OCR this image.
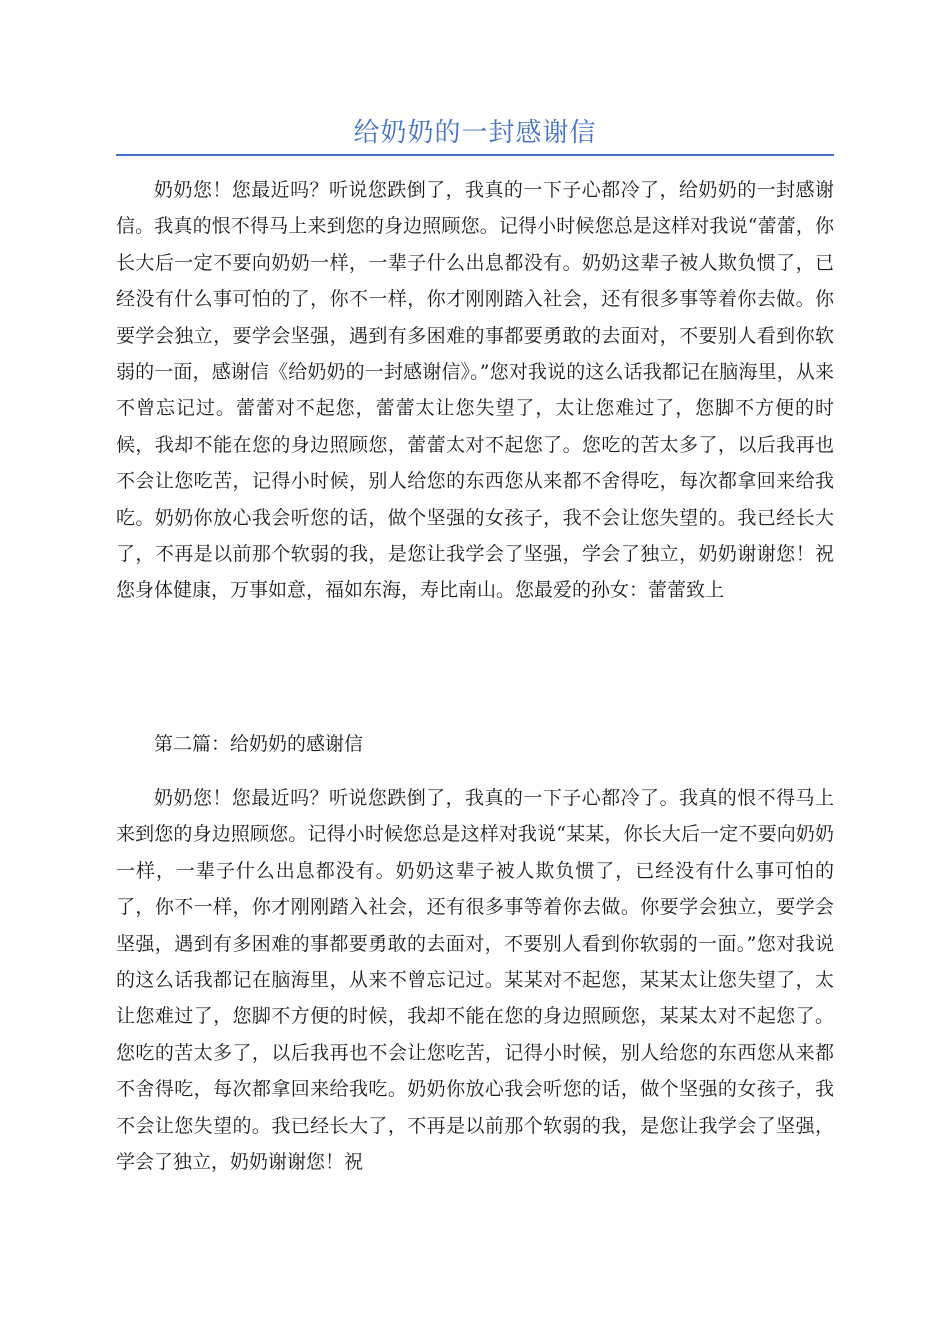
给奶奶的一封感谢信

奶奶您！您最近吗？听说您跌倒了，我真的一下子心都冷了，给奶奶的一封感谢信。我真的恨不得马上来到您的身边照顾您。记得小时候您总是这样对我说“蕾蕾，你长大后一定不要向奶奶一样，一辈子什么出息都没有。奶奶这辈子被人欺负惯了，已经没有什么事可怕的了，你不一样，你才刚刚踏入社会，还有很多事等着你去做。你要学会独立，要学会坚强，遇到有多困难的事都要勇敢的去面对，不要别人看到你软弱的一面，感谢信《给奶奶的一封感谢信》。”您对我说的这么话我都记在脑海里，从来不曾忘记过。蕾蕾对不起您，蕾蕾太让您失望了，太让您难过了，您脚不方便的时候，我却不能在您的身边照顾您，蕾蕾太对不起您了。您吃的苦太多了，以后我再也不会让您吃苦，记得小时候，别人给您的东西您从来都不舍得吃，每次都拿回来给我吃。奶奶你放心我会听您的话，做个坚强的女孩子，我不会让您失望的。我已经长大了，不再是以前那个软弱的我，是您让我学会了坚强，学会了独立，奶奶谢谢您！祝您身体健康，万事如意，福如东海，寿比南山。您最爱的孙女：蕾蕾致上

第二篇：给奶奶的感谢信

奶奶您！您最近吗？听说您跌倒了，我真的一下子心都冷了。我真的恨不得马上来到您的身边照顾您。记得小时候您总是这样对我说“某某，你长大后一定不要向奶奶一样，一辈子什么出息都没有。奶奶这辈子被人欺负惯了，已经没有什么事可怕的了，你不一样，你才刚刚踏入社会，还有很多事等着你去做。你要学会独立，要学会坚强，遇到有多困难的事都要勇敢的去面对，不要别人看到你软弱的一面。”您对我说的这么话我都记在脑海里，从来不曾忘记过。某某对不起您，某某太让您失望了，太让您难过了，您脚不方便的时候，我却不能在您的身边照顾您，某某太对不起您了。您吃的苦太多了，以后我再也不会让您吃苦，记得小时候，别人给您的东西您从来都不舍得吃，每次都拿回来给我吃。奶奶你放心我会听您的话，做个坚强的女孩子，我不会让您失望的。我已经长大了，不再是以前那个软弱的我，是您让我学会了坚强，学会了独立，奶奶谢谢您！祝
